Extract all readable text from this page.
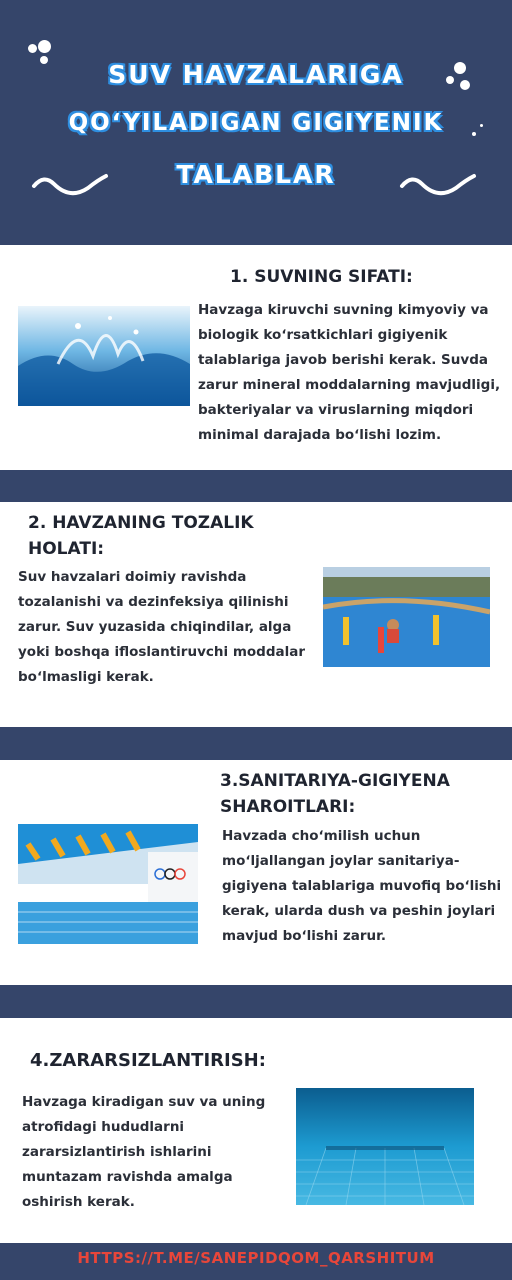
SUV HAVZALARIGA
QO‘YILADIGAN GIGIYENIK
TALABLAR
1. SUVNING SIFATI:
Havzaga kiruvchi suvning kimyoviy va biologik koʻrsatkichlari gigiyenik talablariga javob berishi kerak. Suvda zarur mineral moddalarning mavjudligi, bakteriyalar va viruslarning miqdori minimal darajada boʻlishi lozim.
2. HAVZANING TOZALIK
HOLATI:
Suv havzalari doimiy ravishda tozalanishi va dezinfeksiya qilinishi zarur. Suv yuzasida chiqindilar, alga yoki boshqa ifloslantiruvchi moddalar boʻlmasligi kerak.
3.SANITARIYA-GIGIYENA
SHAROITLARI:
Havzada choʻmilish uchun moʻljallangan joylar sanitariya-gigiyena talablariga muvofiq boʻlishi kerak, ularda dush va peshin joylari mavjud boʻlishi zarur.
4.ZARARSIZLANTIRISH:
Havzaga kiradigan suv va uning atrofidagi hududlarni zararsizlantirish ishlarini muntazam ravishda amalga oshirish kerak.
HTTPS://T.ME/SANEPIDQOM_QARSHITUM
